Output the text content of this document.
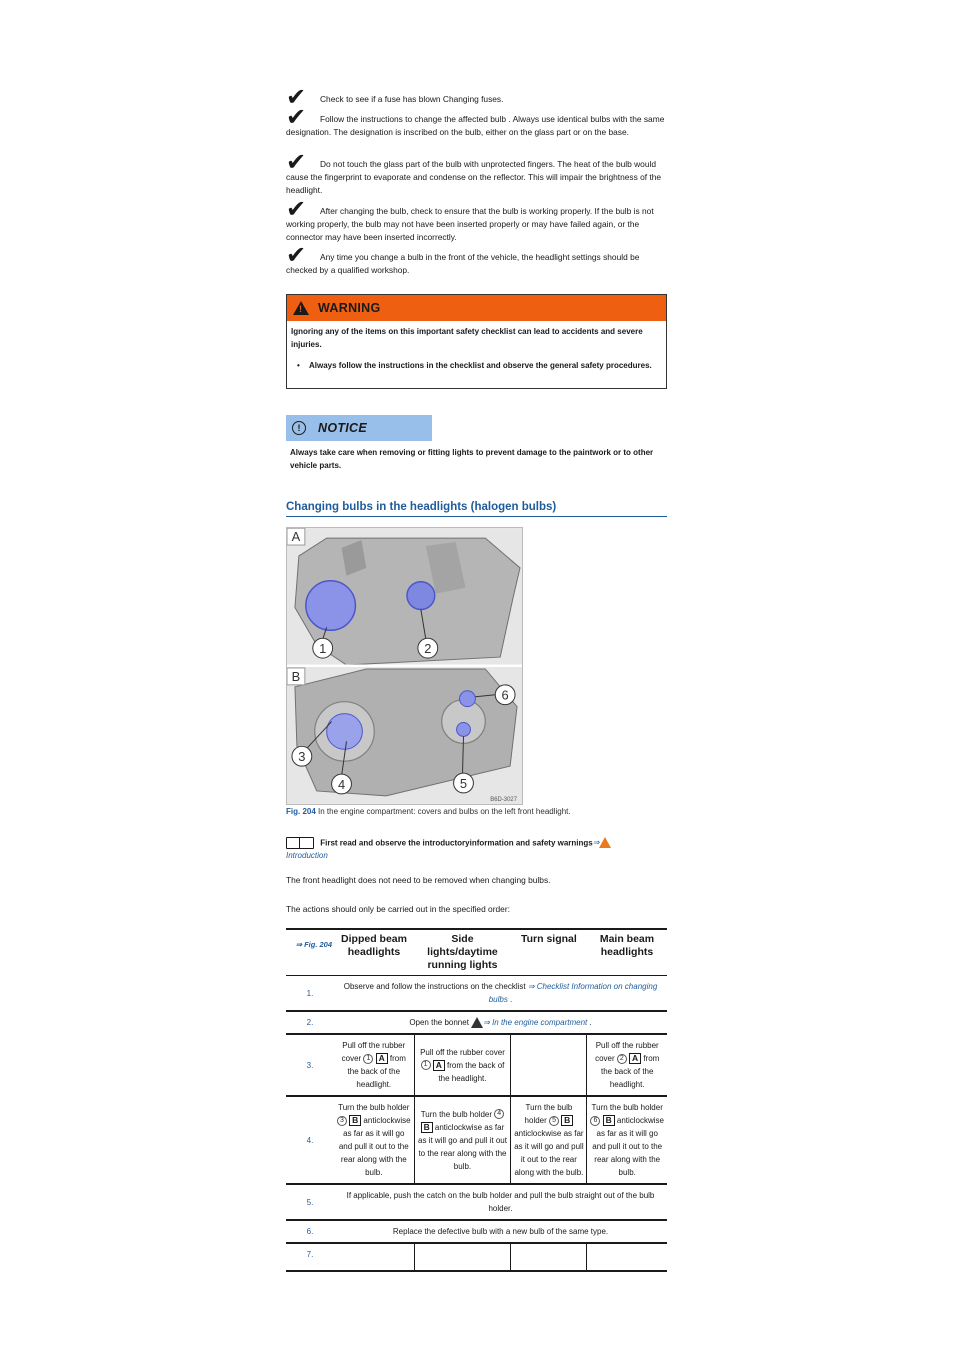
✔	Check to see if a fuse has blown Changing fuses.

✔	Follow the instructions to change the affected bulb . Always use identical bulbs with the same designation. The designation is inscribed on the bulb, either on the glass part or on the base.

✔	Do not touch the glass part of the bulb with unprotected fingers. The heat of the bulb would cause the fingerprint to evaporate and condense on the reflector. This will impair the brightness of the headlight.

✔	After changing the bulb, check to ensure that the bulb is working properly. If the bulb is not working properly, the bulb may not have been inserted properly or may have failed again, or the connector may have been inserted incorrectly.

✔	Any time you change a bulb in the front of the vehicle, the headlight settings should be checked by a qualified workshop.

! WARNING

Ignoring any of the items on this important safety checklist can lead to accidents and severe injuries.

• Always follow the instructions in the checklist and observe the general safety procedures.

!	NOTICE

Always take care when removing or fitting lights to prevent damage to the paintwork or to other vehicle parts.

Changing bulbs in the headlights (halogen bulbs)
1	2
A
3
4	5
6
B
B6D-3027

Fig. 204 In the engine compartment: covers and bulbs on the left front headlight.

First read and observe the introductoryinformation and safety warnings⇒
Introduction

The front headlight does not need to be removed when changing bulbs.

The actions should only be carried out in the specified order:

⇒ Fig. 204	Dipped beam headlights	Side lights/daytime running lights	Turn signal	Main beam headlights
1.	Observe and follow the instructions on the checklist ⇒ Checklist Information on changing bulbs .			
2.	Open the bonnet ⇒ In the engine compartment .			
3.	Pull off the rubber cover 1 A from the back of the headlight.	Pull off the rubber cover 1 A from the back of the headlight.		Pull off the rubber cover 2 A from the back of the headlight.
4.	Turn the bulb holder 3 B anticlockwise as far as it will go and pull it out to the rear along with the bulb.	Turn the bulb holder 4 B anticlockwise as far as it will go and pull it out to the rear along with the bulb.	Turn the bulb holder 5 B anticlockwise as far as it will go and pull it out to the rear along with the bulb.	Turn the bulb holder 6 B anticlockwise as far as it will go and pull it out to the rear along with the bulb.
5.	If applicable, push the catch on the bulb holder and pull the bulb straight out of the bulb holder.			
6.	Replace the defective bulb with a new bulb of the same type.			
7.				
